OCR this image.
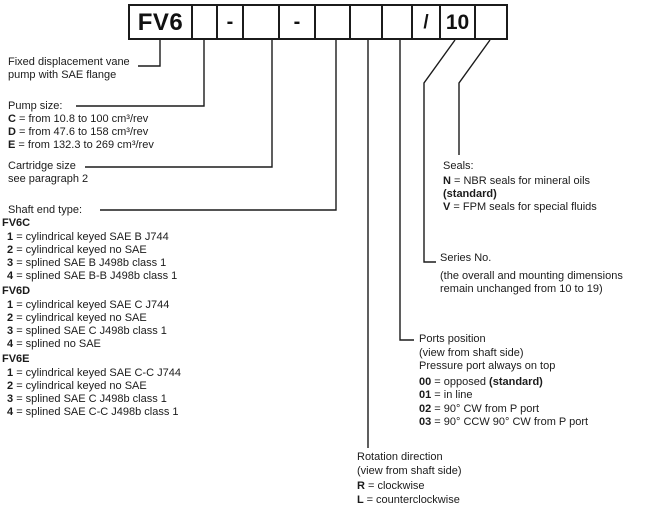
FV6 -	-	/ 10
Fixed displacement vane
pump with SAE flange
Pump size:
C = from 10.8 to 100 cm³/rev
D = from 47.6 to 158 cm³/rev
E = from 132.3 to 269 cm³/rev
Cartridge size
see paragraph 2
Shaft end type:
FV6C
1 = cylindrical keyed SAE B J744
2 = cylindrical keyed no SAE
3 = splined SAE B J498b class 1
4 = splined SAE B-B J498b class 1
FV6D
1 = cylindrical keyed SAE C J744
2 = cylindrical keyed no SAE
3 = splined SAE C J498b class 1
4 = splined no SAE
FV6E
1 = cylindrical keyed SAE C-C J744
2 = cylindrical keyed no SAE
3 = splined SAE C J498b class 1
4 = splined SAE C-C J498b class 1
Seals:
N = NBR seals for mineral oils
(standard)
V = FPM seals for special fluids
Series No.
(the overall and mounting dimensions
remain unchanged from 10 to 19)
Ports position
(view from shaft side)
Pressure port always on top
00 = opposed (standard)
01 = in line
02 = 90° CW from P port
03 = 90° CCW 90° CW from P port
Rotation direction
(view from shaft side)
R = clockwise
L = counterclockwise
